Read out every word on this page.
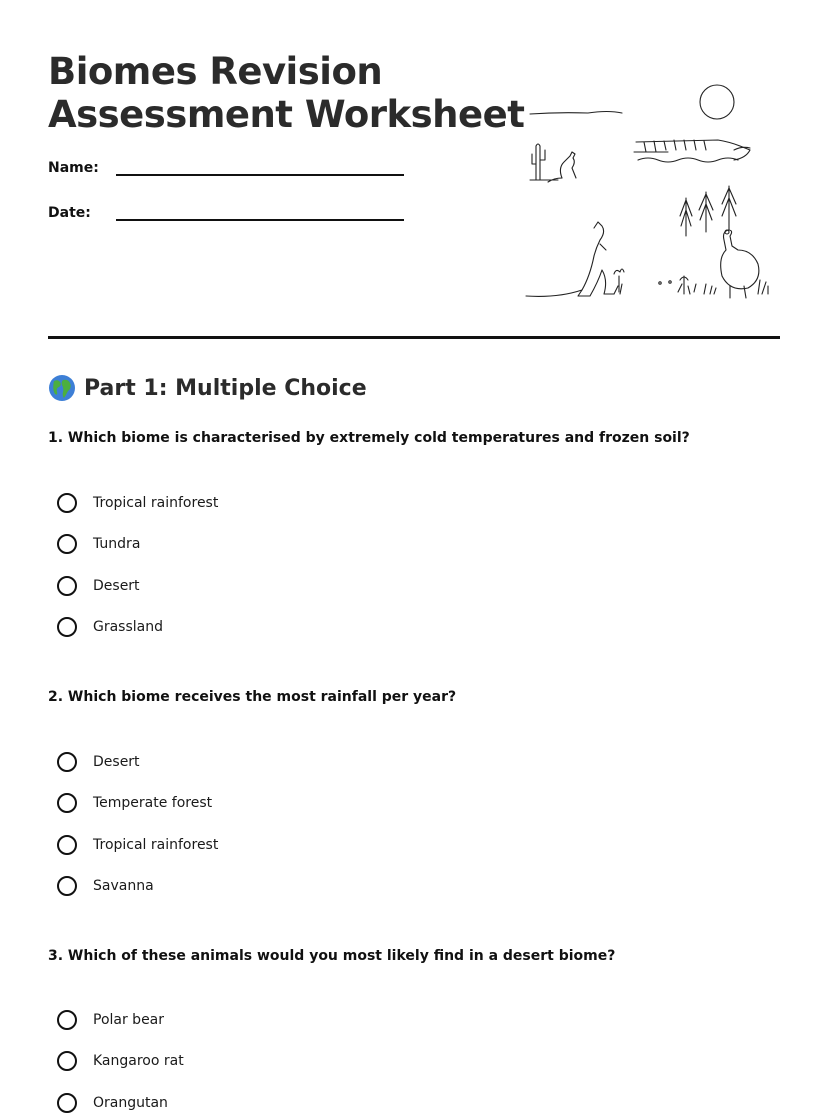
Biomes Revision
Assessment Worksheet
Name:
Date:
Part 1: Multiple Choice

1. Which biome is characterised by extremely cold temperatures and frozen soil?

Tropical rainforest
Tundra
Desert
Grassland

2. Which biome receives the most rainfall per year?

Desert
Temperate forest
Tropical rainforest
Savanna

3. Which of these animals would you most likely find in a desert biome?

Polar bear
Kangaroo rat
Orangutan
